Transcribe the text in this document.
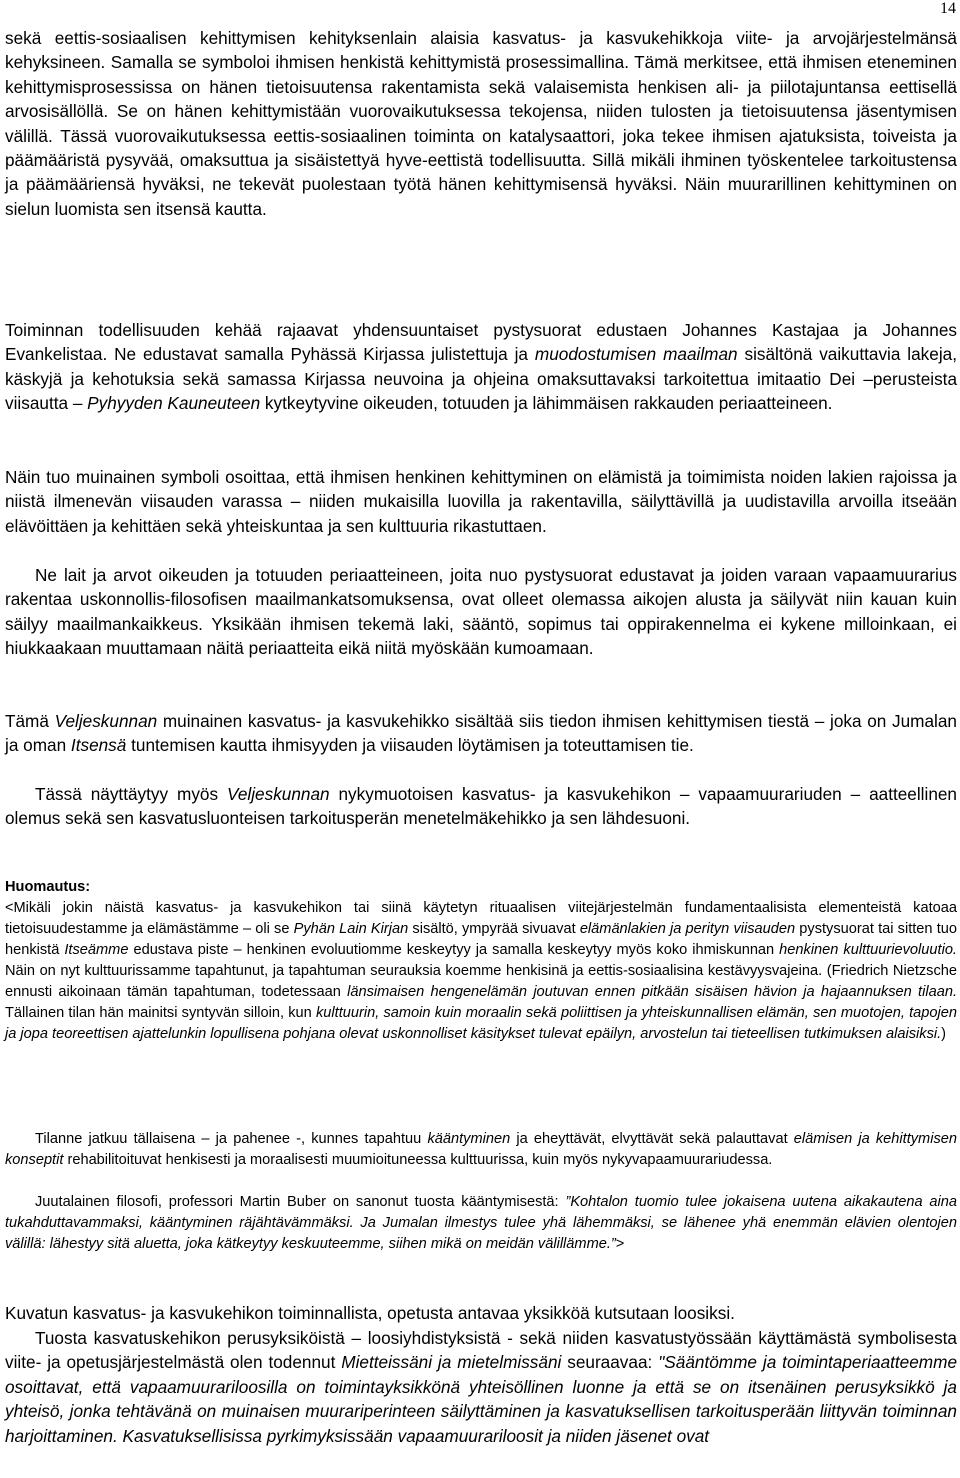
14

sekä eettis-sosiaalisen kehittymisen kehityksenlain alaisia kasvatus- ja kasvukehikkoja viite- ja arvojärjestelmänsä kehyksineen. Samalla se symboloi ihmisen henkistä kehittymistä prosessimallina. Tämä merkitsee, että ihmisen eteneminen kehittymisprosessissa on hänen tietoisuutensa rakentamista sekä valaisemista henkisen ali- ja piilotajuntansa eettisellä arvosisällöllä. Se on hänen kehittymistään vuorovaikutuksessa tekojensa, niiden tulosten ja tietoisuutensa jäsentymisen välillä. Tässä vuorovaikutuksessa eettis-sosiaalinen toiminta on katalysaattori, joka tekee ihmisen ajatuksista, toiveista ja päämääristä pysyvää, omaksuttua ja sisäistettyä hyve-eettistä todellisuutta. Sillä mikäli ihminen työskentelee tarkoitustensa ja päämääriensä hyväksi, ne tekevät puolestaan työtä hänen kehittymisensä hyväksi. Näin muurarillinen kehittyminen on sielun luomista sen itsensä kautta.

Toiminnan todellisuuden kehää rajaavat yhdensuuntaiset pystysuorat edustaen Johannes Kastajaa ja Johannes Evankelistaa. Ne edustavat samalla Pyhässä Kirjassa julistettuja ja muodostumisen maailman sisältönä vaikuttavia lakeja, käskyjä ja kehotuksia sekä samassa Kirjassa neuvoina ja ohjeina omaksuttavaksi tarkoitettua imitaatio Dei –perusteista viisautta – Pyhyyden Kauneuteen kytkeytyvine oikeuden, totuuden ja lähimmäisen rakkauden periaatteineen.

Näin tuo muinainen symboli osoittaa, että ihmisen henkinen kehittyminen on elämistä ja toimimista noiden lakien rajoissa ja niistä ilmenevän viisauden varassa – niiden mukaisilla luovilla ja rakentavilla, säilyttävillä ja uudistavilla arvoilla itseään elävöittäen ja kehittäen sekä yhteiskuntaa ja sen kulttuuria rikastuttaen.

Ne lait ja arvot oikeuden ja totuuden periaatteineen, joita nuo pystysuorat edustavat ja joiden varaan vapaamuurarius rakentaa uskonnollis-filosofisen maailmankatsomuksensa, ovat olleet olemassa aikojen alusta ja säilyvät niin kauan kuin säilyy maailmankaikkeus. Yksikään ihmisen tekemä laki, sääntö, sopimus tai oppirakennelma ei kykene milloinkaan, ei hiukkaakaan muuttamaan näitä periaatteita eikä niitä myöskään kumoamaan.

Tämä Veljeskunnan muinainen kasvatus- ja kasvukehikko sisältää siis tiedon ihmisen kehittymisen tiestä – joka on Jumalan ja oman Itsensä tuntemisen kautta ihmisyyden ja viisauden löytämisen ja toteuttamisen tie.

Tässä näyttäytyy myös Veljeskunnan nykymuotoisen kasvatus- ja kasvukehikon – vapaamuurariuden – aatteellinen olemus sekä sen kasvatusluonteisen tarkoitusperän menetelmäkehikko ja sen lähdesuoni.

Huomautus:

<Mikäli jokin näistä kasvatus- ja kasvukehikon tai siinä käytetyn rituaalisen viitejärjestelmän fundamentaalisista elementeistä katoaa tietoisuudestamme ja elämästämme – oli se Pyhän Lain Kirjan sisältö, ympyrää sivuavat elämänlakien ja perityn viisauden pystysuorat tai sitten tuo henkistä Itseämme edustava piste – henkinen evoluutiomme keskeytyy ja samalla keskeytyy myös koko ihmiskunnan henkinen kulttuurievoluutio. Näin on nyt kulttuurissamme tapahtunut, ja tapahtuman seurauksia koemme henkisinä ja eettis-sosiaalisina kestävyysvajeina. (Friedrich Nietzsche ennusti aikoinaan tämän tapahtuman, todetessaan länsimaisen hengenelämän joutuvan ennen pitkään sisäisen hävion ja hajaannuksen tilaan. Tällainen tilan hän mainitsi syntyvän silloin, kun kulttuurin, samoin kuin moraalin sekä poliittisen ja yhteiskunnallisen elämän, sen muotojen, tapojen ja jopa teoreettisen ajattelunkin lopullisena pohjana olevat uskonnolliset käsitykset tulevat epäilyn, arvostelun tai tieteellisen tutkimuksen alaisiksi.)

Tilanne jatkuu tällaisena – ja pahenee -, kunnes tapahtuu kääntyminen ja eheyttävät, elvyttävät sekä palauttavat elämisen ja kehittymisen konseptit rehabilitoituvat henkisesti ja moraalisesti muumioituneessa kulttuurissa, kuin myös nykyvapaamuurariudessa.

Juutalainen filosofi, professori Martin Buber on sanonut tuosta kääntymisestä: ”Kohtalon tuomio tulee jokaisena uutena aikakautena aina tukahduttavammaksi, kääntyminen räjähtävämmäksi. Ja Jumalan ilmestys tulee yhä lähemmäksi, se lähenee yhä enemmän elävien olentojen välillä: lähestyy sitä aluetta, joka kätkeytyy keskuuteemme, siihen mikä on meidän välillämme.”>

Kuvatun kasvatus- ja kasvukehikon toiminnallista, opetusta antavaa yksikköä kutsutaan loosiksi.

Tuosta kasvatuskehikon perusyksiköistä – loosiyhdistyksistä - sekä niiden kasvatustyössään käyttämästä symbolisesta viite- ja opetusjärjestelmästä olen todennut Mietteissäni ja mietelmissäni seuraavaa: "Sääntömme ja toimintaperiaatteemme osoittavat, että vapaamuurariloosilla on toimintayksikkönä yhteisöllinen luonne ja että se on itsenäinen perusyksikkö ja yhteisö, jonka tehtävänä on muinaisen muurariperinteen säilyttäminen ja kasvatuksellisen tarkoitusperään liittyvän toiminnan harjoittaminen. Kasvatuksellisissa pyrkimyksissään vapaamuurariloosit ja niiden jäsenet ovat
